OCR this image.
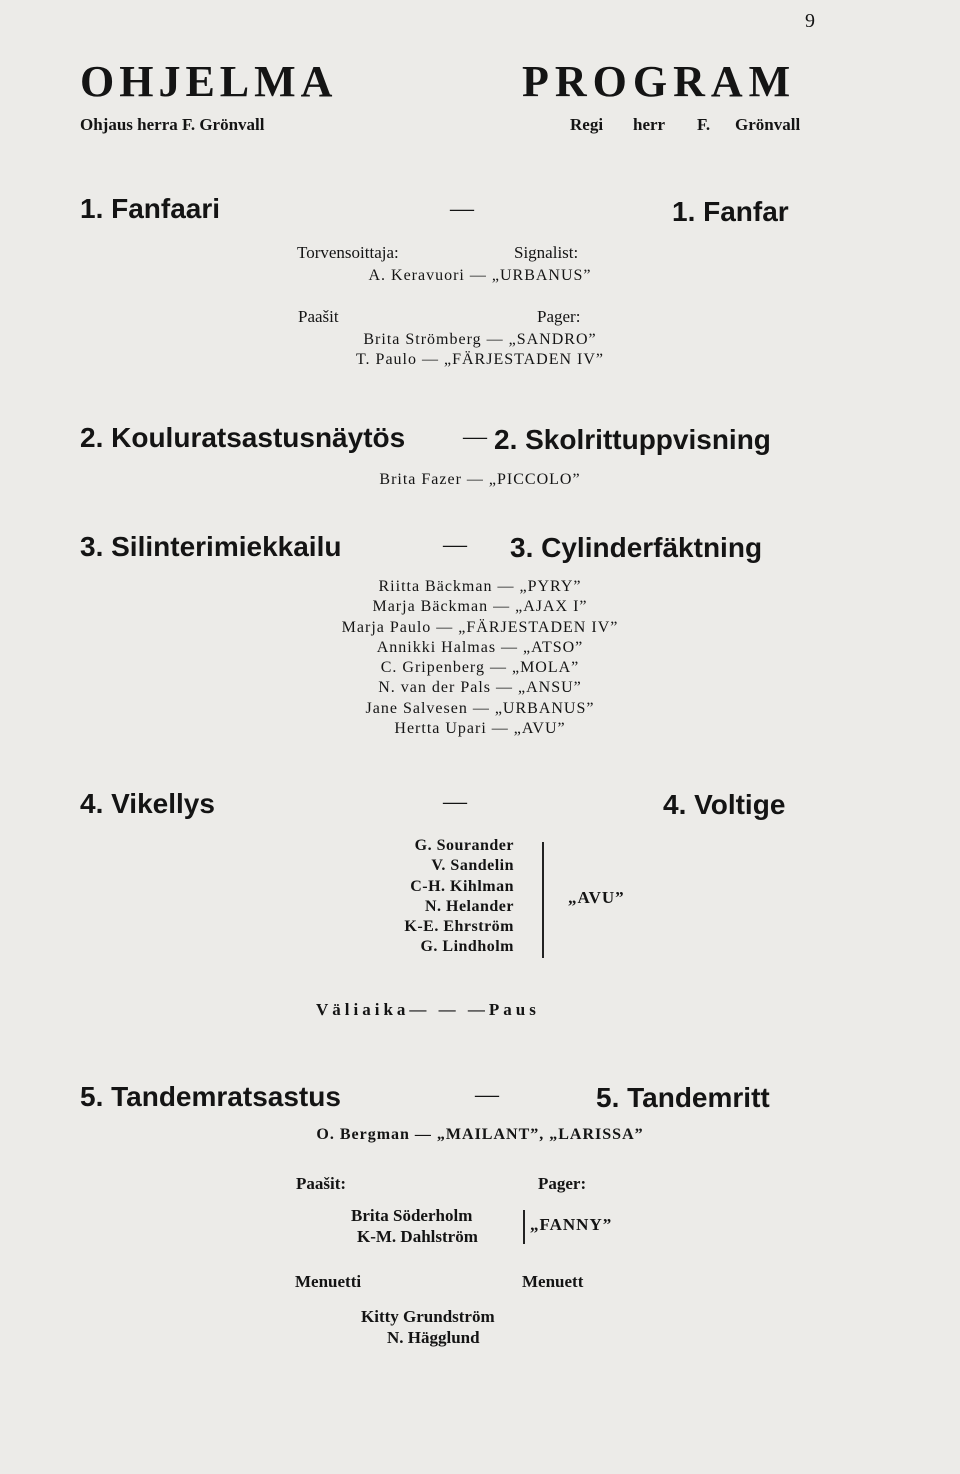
9
OHJELMA	PROGRAM
Ohjaus herra F. Grönvall	Regi herr F. Grönvall
1. Fanfaari	—	1. Fanfar
Torvensoittaja:	Signalist:
A. Keravuori — „URBANUS”
Paašit	Pager:
Brita Strömberg — „SANDRO”
T. Paulo — „FÄRJESTADEN IV”
2. Kouluratsastusnäytös — 2. Skolrittuppvisning
Brita Fazer — „PICCOLO”
3. Silinterimiekkailu	— 3. Cylinderfäktning
Riitta Bäckman — „PYRY”
Marja Bäckman — „AJAX I”
Marja Paulo — „FÄRJESTADEN IV”
Annikki Halmas — „ATSO”
C. Gripenberg — „MOLA”
N. van der Pals — „ANSU”
Jane Salvesen — „URBANUS”
Hertta Upari — „AVU”
4. Vikellys	—	4. Voltige
G. Sourander
V. Sandelin
C-H. Kihlman
N. Helander
K-E. Ehrström
G. Lindholm
„AVU”
Väliaika— — —Paus
5. Tandemratsastus	—	5. Tandemritt
O. Bergman — „MAILANT”, „LARISSA”
Paašit:	Pager:
Brita Söderholm
K-M. Dahlström
„FANNY”
Menuetti	Menuett
Kitty Grundström
N. Hägglund
